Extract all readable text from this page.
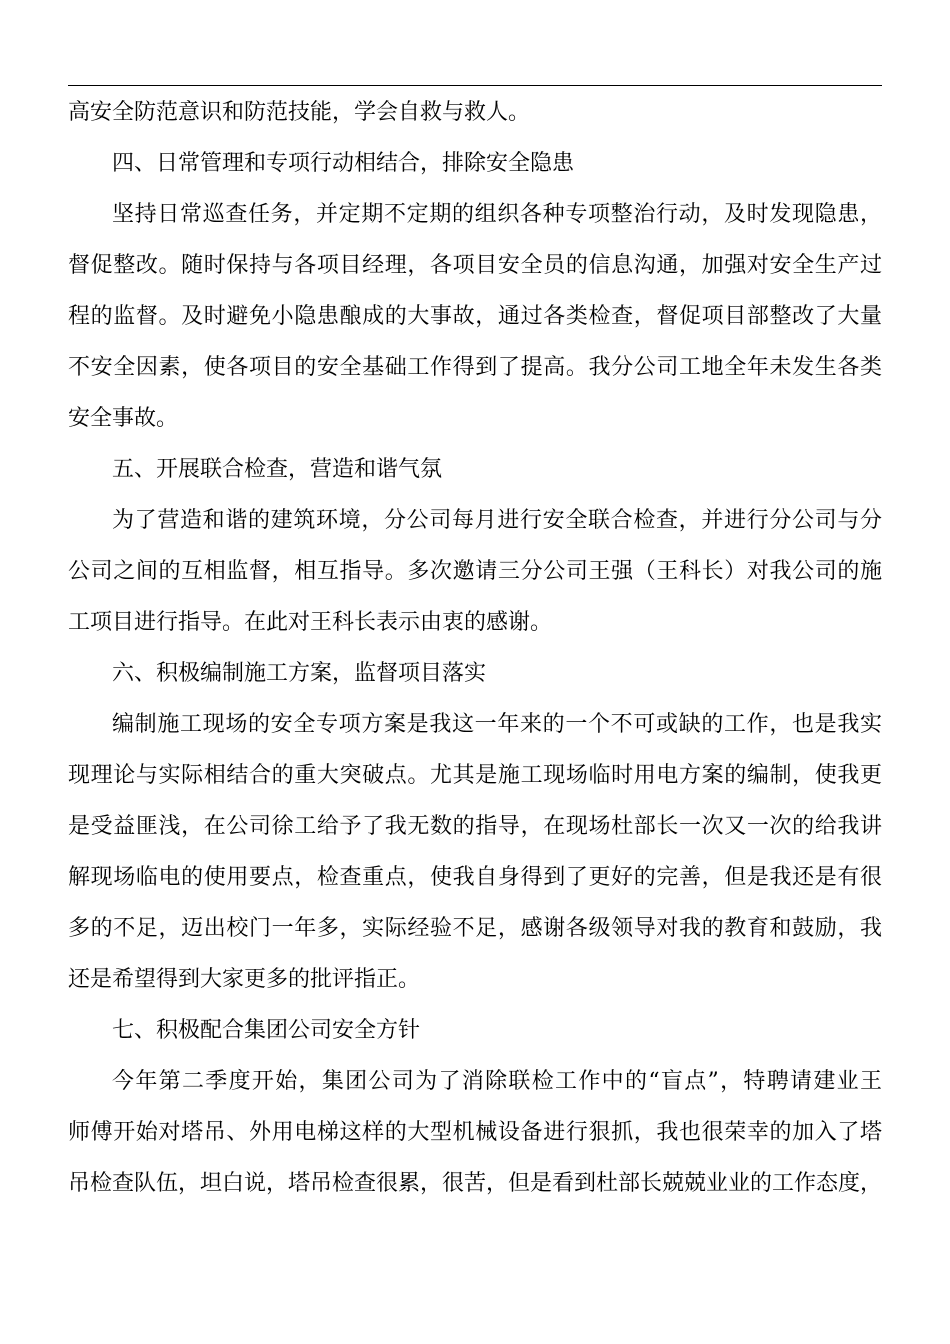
高安全防范意识和防范技能，学会自救与救人。

四、日常管理和专项行动相结合，排除安全隐患

坚持日常巡查任务，并定期不定期的组织各种专项整治行动，及时发现隐患，
督促整改。随时保持与各项目经理，各项目安全员的信息沟通，加强对安全生产过
程的监督。及时避免小隐患酿成的大事故，通过各类检查，督促项目部整改了大量
不安全因素，使各项目的安全基础工作得到了提高。我分公司工地全年未发生各类
安全事故。

五、开展联合检查，营造和谐气氛

为了营造和谐的建筑环境，分公司每月进行安全联合检查，并进行分公司与分
公司之间的互相监督，相互指导。多次邀请三分公司王强（王科长）对我公司的施
工项目进行指导。在此对王科长表示由衷的感谢。

六、积极编制施工方案，监督项目落实

编制施工现场的安全专项方案是我这一年来的一个不可或缺的工作，也是我实
现理论与实际相结合的重大突破点。尤其是施工现场临时用电方案的编制，使我更
是受益匪浅，在公司徐工给予了我无数的指导，在现场杜部长一次又一次的给我讲
解现场临电的使用要点，检查重点，使我自身得到了更好的完善，但是我还是有很
多的不足，迈出校门一年多，实际经验不足，感谢各级领导对我的教育和鼓励，我
还是希望得到大家更多的批评指正。

七、积极配合集团公司安全方针

今年第二季度开始，集团公司为了消除联检工作中的“盲点”，特聘请建业王
师傅开始对塔吊、外用电梯这样的大型机械设备进行狠抓，我也很荣幸的加入了塔
吊检查队伍，坦白说，塔吊检查很累，很苦，但是看到杜部长兢兢业业的工作态度，
